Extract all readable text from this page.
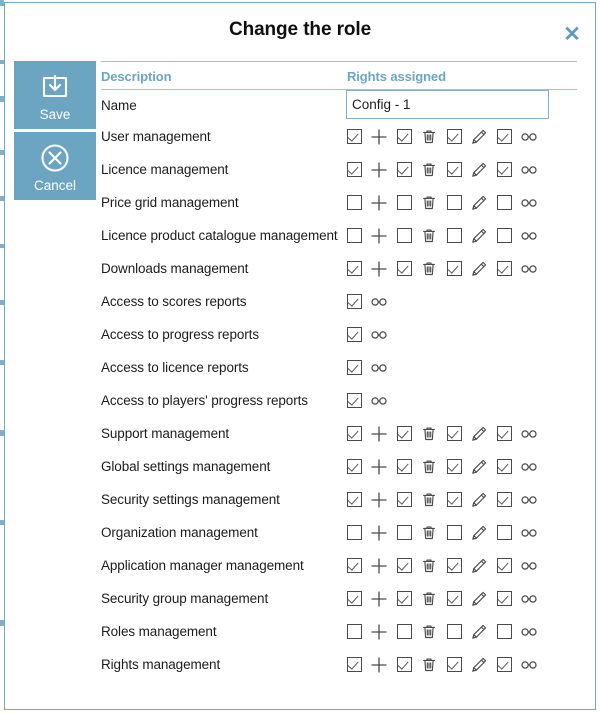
Change the role	✕
Save
Cancel
Description	Rights assigned
Name
Config - 1
User management
Licence management
Price grid management
Licence product catalogue management
Downloads management
Access to scores reports
Access to progress reports
Access to licence reports
Access to players' progress reports
Support management
Global settings management
Security settings management
Organization management
Application manager management
Security group management
Roles management
Rights management
